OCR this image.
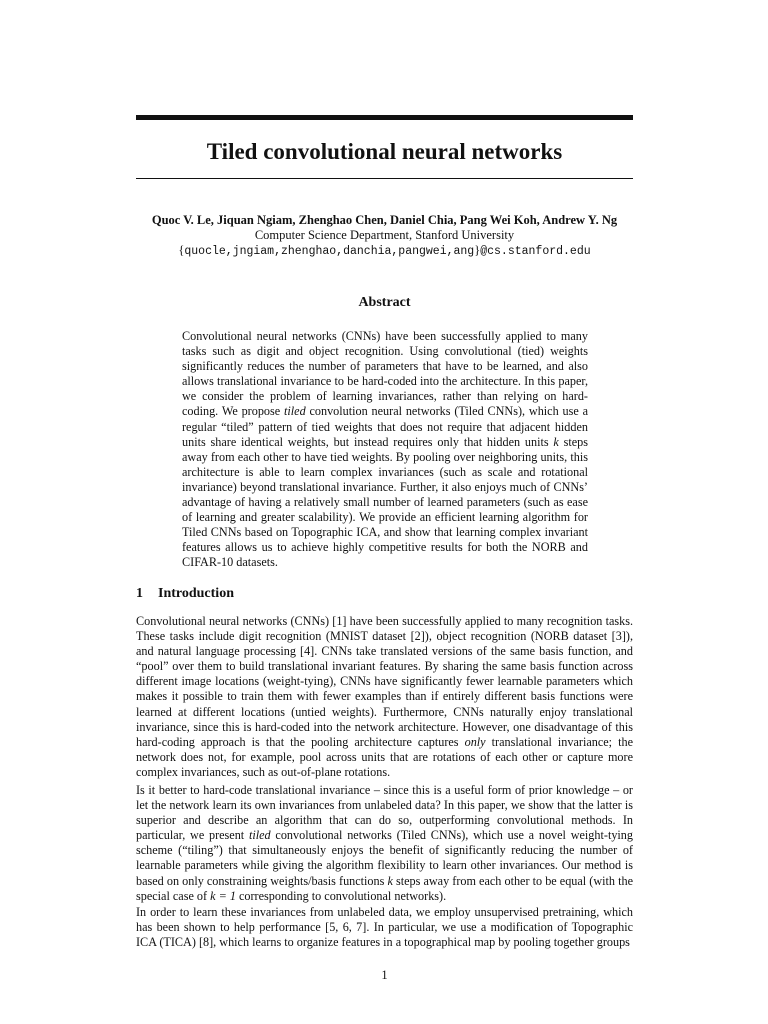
Tiled convolutional neural networks
Quoc V. Le, Jiquan Ngiam, Zhenghao Chen, Daniel Chia, Pang Wei Koh, Andrew Y. Ng
Computer Science Department, Stanford University
{quocle,jngiam,zhenghao,danchia,pangwei,ang}@cs.stanford.edu
Abstract
Convolutional neural networks (CNNs) have been successfully applied to many tasks such as digit and object recognition. Using convolutional (tied) weights significantly reduces the number of parameters that have to be learned, and also allows translational invariance to be hard-coded into the architecture. In this paper, we consider the problem of learning invariances, rather than relying on hard-coding. We propose tiled convolution neural networks (Tiled CNNs), which use a regular “tiled” pattern of tied weights that does not require that adjacent hidden units share identical weights, but instead requires only that hidden units k steps away from each other to have tied weights. By pooling over neighboring units, this architecture is able to learn complex invariances (such as scale and rotational invariance) beyond translational invariance. Further, it also enjoys much of CNNs’ advantage of having a relatively small number of learned parameters (such as ease of learning and greater scalability). We provide an efficient learning algorithm for Tiled CNNs based on Topographic ICA, and show that learning complex invariant features allows us to achieve highly competitive results for both the NORB and CIFAR-10 datasets.
1 Introduction
Convolutional neural networks (CNNs) [1] have been successfully applied to many recognition tasks. These tasks include digit recognition (MNIST dataset [2]), object recognition (NORB dataset [3]), and natural language processing [4]. CNNs take translated versions of the same basis function, and “pool” over them to build translational invariant features. By sharing the same basis function across different image locations (weight-tying), CNNs have significantly fewer learnable parameters which makes it possible to train them with fewer examples than if entirely different basis functions were learned at different locations (untied weights). Furthermore, CNNs naturally enjoy translational invariance, since this is hard-coded into the network architecture. However, one disadvantage of this hard-coding approach is that the pooling architecture captures only translational invariance; the network does not, for example, pool across units that are rotations of each other or capture more complex invariances, such as out-of-plane rotations.
Is it better to hard-code translational invariance – since this is a useful form of prior knowledge – or let the network learn its own invariances from unlabeled data? In this paper, we show that the latter is superior and describe an algorithm that can do so, outperforming convolutional methods. In particular, we present tiled convolutional networks (Tiled CNNs), which use a novel weight-tying scheme (“tiling”) that simultaneously enjoys the benefit of significantly reducing the number of learnable parameters while giving the algorithm flexibility to learn other invariances. Our method is based on only constraining weights/basis functions k steps away from each other to be equal (with the special case of k = 1 corresponding to convolutional networks).
In order to learn these invariances from unlabeled data, we employ unsupervised pretraining, which has been shown to help performance [5, 6, 7]. In particular, we use a modification of Topographic ICA (TICA) [8], which learns to organize features in a topographical map by pooling together groups
1
